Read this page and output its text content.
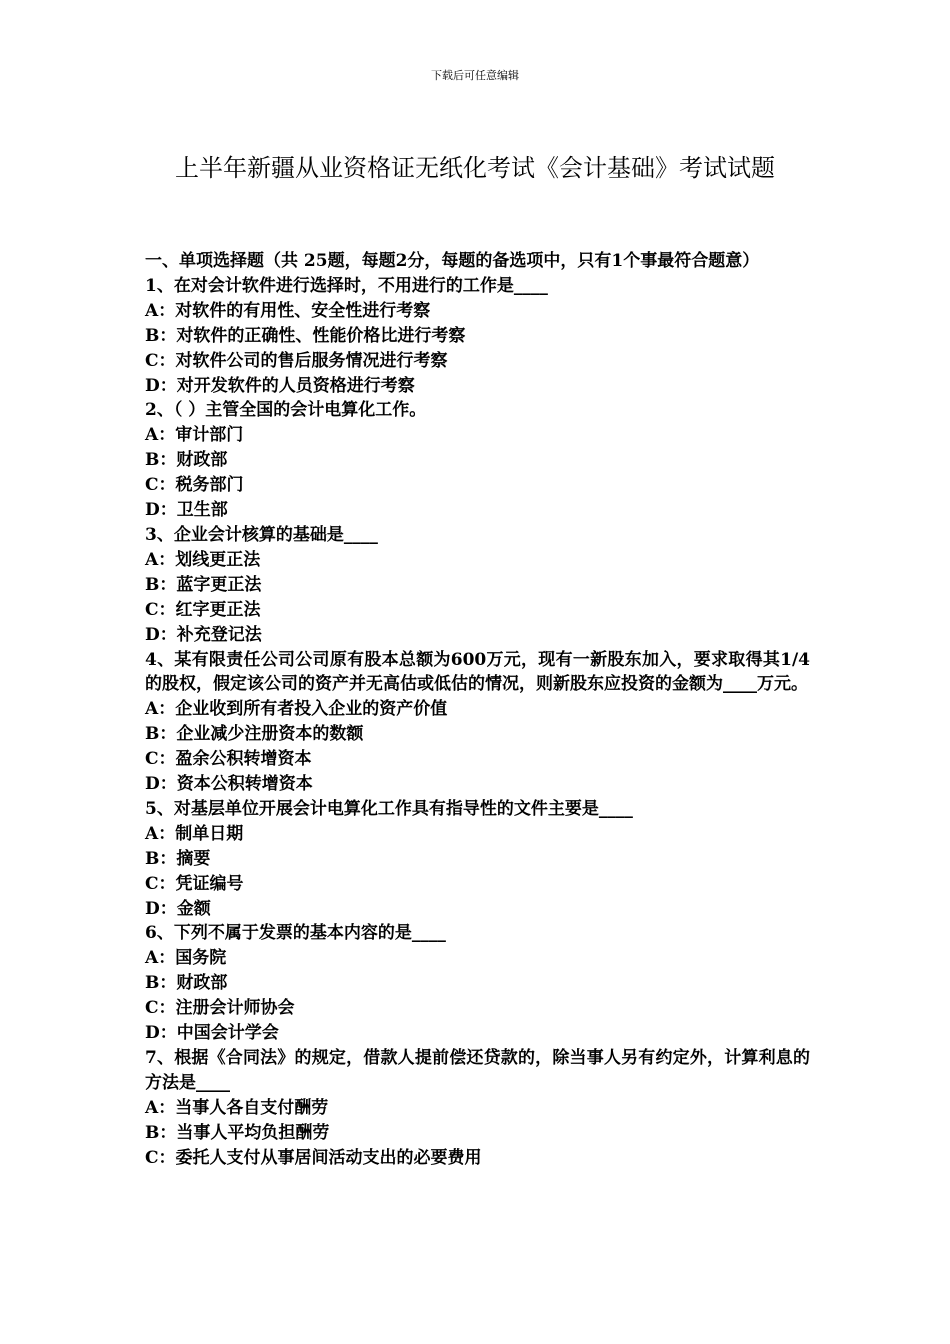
下载后可任意编辑
上半年新疆从业资格证无纸化考试《会计基础》考试试题
一、单项选择题（共 25题，每题2分，每题的备选项中，只有1个事最符合题意）
1、在对会计软件进行选择时，不用进行的工作是____
A：对软件的有用性、安全性进行考察
B：对软件的正确性、性能价格比进行考察
C：对软件公司的售后服务情况进行考察
D：对开发软件的人员资格进行考察
2、（ ）主管全国的会计电算化工作。
A：审计部门
B：财政部
C：税务部门
D：卫生部
3、企业会计核算的基础是____
A：划线更正法
B：蓝字更正法
C：红字更正法
D：补充登记法
4、某有限责任公司公司原有股本总额为600万元，现有一新股东加入，要求取得其1/4的股权，假定该公司的资产并无高估或低估的情况，则新股东应投资的金额为____万元。
A：企业收到所有者投入企业的资产价值
B：企业减少注册资本的数额
C：盈余公积转增资本
D：资本公积转增资本
5、对基层单位开展会计电算化工作具有指导性的文件主要是____
A：制单日期
B：摘要
C：凭证编号
D：金额
6、下列不属于发票的基本内容的是____
A：国务院
B：财政部
C：注册会计师协会
D：中国会计学会
7、根据《合同法》的规定，借款人提前偿还贷款的，除当事人另有约定外，计算利息的方法是____
A：当事人各自支付酬劳
B：当事人平均负担酬劳
C：委托人支付从事居间活动支出的必要费用
